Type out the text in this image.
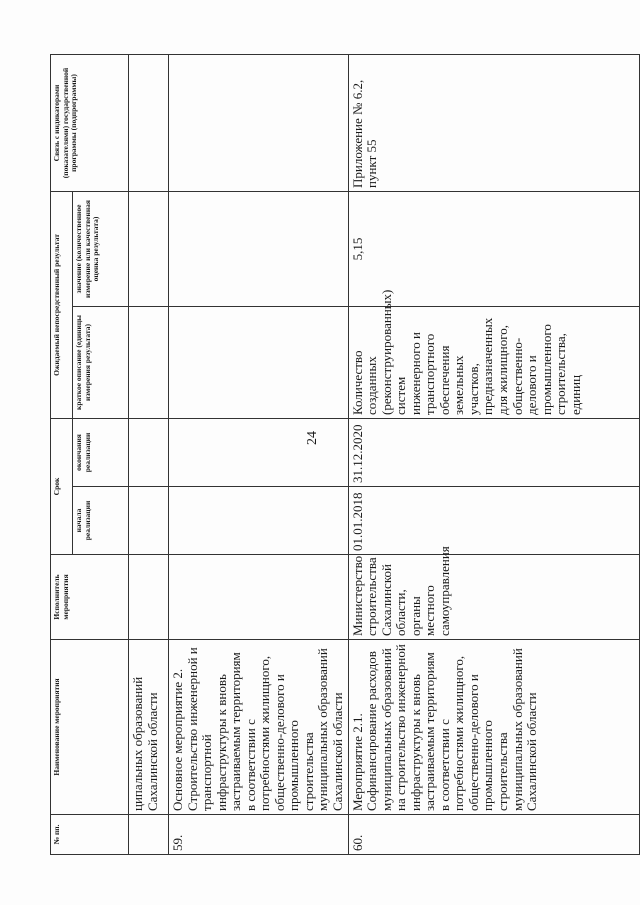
24
№ пп.	Наименование мероприятия	Исполнитель мероприятия	Срок		Ожидаемый непосредственный результат		Связь с индикаторами (показателями) государственной программы (подпрограммы)
			начала реализации	окончания реализации	краткое описание (единицы измерения результата)	значение (количественное измерение или качественная оценка результата)	
	ципальных образований Сахалинской области						
59.	Основное мероприятие 2. Строительство инженерной и транспортной инфраструктуры к вновь застраиваемым территориям в соответствии с потребностями жилищного, общественно-делового и промышленного строительства муниципальных образований Сахалинской области						
60.	Мероприятие 2.1. Софинансирование расходов муниципальных образований на строительство инженерной инфраструктуры к вновь застраиваемым территориям в соответствии с потребностями жилищного, общественно-делового и промышленного строительства муниципальных образований Сахалинской области	Министерство строительства Сахалинской области, органы местного самоуправления	01.01.2018	31.12.2020	Количество созданных (реконструированных) систем инженерного и транспортного обеспечения земельных участков, предназначенных для жилищного, общественно-делового и промышленного строительства, единиц	5,15	Приложение № 6.2, пункт 55
